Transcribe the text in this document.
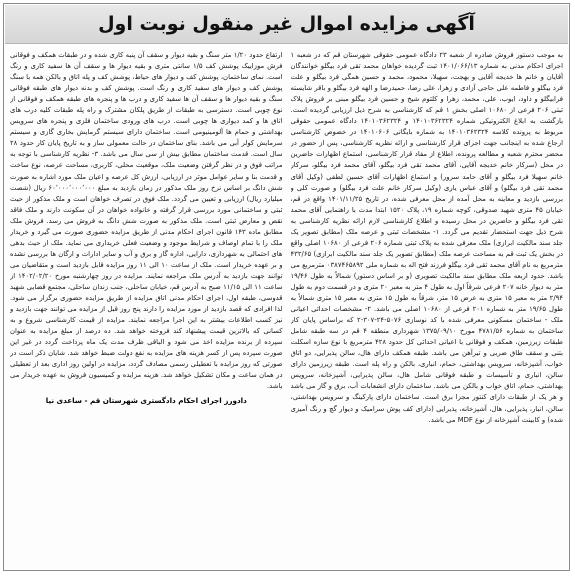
آگهی مزایده اموال غیر منقول نوبت اول

به موجب دستور فروش صادره از شعبه ۲۳ دادگاه عمومی حقوقی شهرستان قم که در شعبه ۱ اجرای احکام مدنی به شماره ۱۴۰۱/۰۶۶/۱۳ ثبت گردیده خواهان محمد تقی فرد بیگلو خوانندگان آقایان و خانم ها خدیجه آقایی و بهجت، سهیلا، محمود، محمد و حسین همگی فرد بیگلو و علت فرد بیگلو و فاطمه علی حاجی آزادی و زهرا، علی رضا، حمیدرضا و الهه فرد بیگلو و باقر شایسته فرابیگلو و داود، ایوب، علی، محمد، زهرا و کلثوم شیخ و حسین فرد بیگلو مبنی بر فروش پلاک ثبتی ۲۰۶ فرعی از ۱۰۶۸۰ اصلی بخش ۱ قم که کارشناسی به شرح ذیل ارزیابی گردیده است. بازگشت به ابلاغ الکترونیکی شماره ۱۴۰۱۰۳۶۲۳۲۴ و ۱۴۰۱۰۳۶۲۳۲۴ دادگاه عمومی حقوقی مربوط به پرونده کلاسه ۱۴۰۱۰۳۶۲۳۲۴ به شماره بایگانی ۱۴۰۱۰۶۰۶ در خصوص کارشناسی ارجاع شده به اینجانب جهت اجرای قرار کارشناسی و ارائه نظریه کارشناسی، پس از حضور در محضر محترم شعبه و مطالعه پرونده، اطلاع از مفاد قرار کارشناسی، استماع اظهارات حاضرین در محل (سرکار خانم خدیجه آقایی، آقای محمد تقی فرد بیگلو، آقای محمد فرد بیگلو، سرکار خانم سهیلا فرد بیگلو و آقای حامد سرور) و استماع اظهارات آقای حسین لطفی (وکیل آقای محمد تقی فرد بیگلو) و آقای عباس یاری (وکیل سرکار خانم علت فرد بیگلو) و صورت کلی و بررسی بازدید و معاینه به محل آمده از محل معرفی شده، در تاریخ ۱۴۰۱/۱۱/۲۵ واقع در قم، خیابان ۴۵ متری شهید صدوقی، کوچه شماره ۱۹، پلاک ۱۵۲۰ ابتدا مدت با راهنمایی آقای محمد تقی فرد بیگلو و حاضرین در محل رسیده و اطلاع کارشناسی لازم ارائه نظریه کارشناسی به شرح ذیل جهت استحضار تقدیم می گردد. ۱- مشخصات ثبتی و عرصه ملک (مطابق تصویر یک جلد سند مالکیت ابرازی) ملک معرفی شده به پلاک ثبتی شماره ۲۰۶ فرعی از ۱۰۶۸۰ اصلی واقع در بخش یک ثبت قم به مساحت عرصه ملک (مطابق تصویر یک جلد سند مالکیت ابرازی) ۴۳۲/۶۵ مترمربع به نام آقای محمد تقی فرد بیگلو فرزند فتح اله به شماره ملی ۰۳۸۷۴۶۵۸۹۲ مترمربع می باشد. حدود اربعه ملک مطابق سند مالکیت تصویری (و بر اساس دستور) شمالاً به طول ۱۹/۴۶ متر به دیوار خانه ۲۰۷ فرعی شرقاً اول به طول ۴ متر به معبر ۲۰ متری و در قسمت دوم به طول ۲/۹۴ متر به معبر ۱۵ متری به عرض ۱۵ متر، شرقاً به طول ۱۵ متری به معبر ۱۵ متری شمالاً به طول ۱۹/۶۵ متر به شماره ۲۰۱ فرعی از ۱۰۶۸۰ اصلی می باشد. ۲- مشخصات احداثی اعیانی ملک - ساختمان مسکونی معرفی شده با کد نوسازی ۵۰۷۶-۲۴-۳۰۷-۲ که براساس پایان کار ساختمان به شماره ۴۷۸۱/۵۶ مورخ ۱۳۷۵/۰۹/۱۰ شهرداری منطقه ۴ قم در سه طبقه شامل طبقات زیرزمین، همکف و فوقانی با اعیانی احداثی کل حدود ۴۲۸ مترمربع با نوع سازه اسکلت بتنی و سقف طاق ضربی و تیرآهن می باشد. طبقه همکف دارای هال، سالن پذیرایی، دو اتاق خواب، آشپزخانه، سرویس بهداشتی، حمام، انباری، بالکن و راه پله است. طبقه زیرزمین دارای سالن، انباری و تأسیسات و طبقه فوقانی شامل هال، سالن پذیرایی، آشپزخانه، سرویس بهداشتی، حمام، اتاق خواب و بالکن می باشد. ساختمان دارای انشعابات آب، برق و گاز می باشد و هر یک از طبقات دارای کنتور مجزا برق است. ساختمان دارای پارکینگ و سرویس بهداشتی، سالن، انبار، پذیرایی، هال، آشپزخانه، پذیرایی (دارای کف پوش سرامیک و دیوار گچ و رنگ آمیزی شده) و کابینت آشپزخانه از نوع MDF می باشد.

ارتفاع حدود ۱/۲۰ متر سنگ و بقیه دیوار و سقف آن پنبه کاری شده و در طبقات همکف و فوقانی فرش موزاییک پوشش کف ۱/۵ سانتی متری و بقیه دیوار ها و سقف آن ها سفید کاری و رنگ است. نمای ساختمان، پوشش کف و دیوار های حیاط، پوشش کف و پله اتاق و بالکن همه با سنگ پوشش کف و دیوار های سفید کاری و رنگ است. پوشش کف و بدنه دیوار های طبقه فوقانی سنگ و بقیه دیوار ها و سقف آن ها سفید کاری و درب ها و پنجره های طبقه همکف و فوقانی از نوع چوبی است. دسترسی به طبقات از طریق پلکان مشترک و راه پله طبقات کلیه درب های اتاق ها و کمد دیواری ها چوبی است. درب های ورودی ساختمان فلزی و پنجره های سرویس بهداشتی و حمام ها آلومینیومی است. ساختمان دارای سیستم گرمایش بخاری گازی و سیستم سرمایش کولر آبی می باشد. بنای ساختمان در حالت معمولی ساز و به تاریخ پایان کار حدود ۲۸ سال است. قدمت ساختمان مطابق بیش از سی سال می باشد. ۳- نظریه کارشناسی با توجه به مراتب فوق و در نظر گرفتن وضعیت ملک، موقعیت محلی، کاربری، مساحت عرصه، نوع ساخت و قدمت بنا و سایر عوامل موثر در ارزیابی، ارزش کل عرصه و اعیان ملک مورد اشاره به صورت شش دانگ بر اساس نرخ روز ملک مذکور در زمان بازدید به مبلغ ۶۰٬۰۰۰٬۰۰۰٬۰۰۰ ریال (شصت میلیارد ریال) ارزیابی و تعیین می گردد. ملک فوق در تصرف خواهان است و ملک مذکور از حیث ثبتی و ساختمانی مورد بررسی قرار گرفته و خانواده خواهان در آن سکونت دارند و ملک فاقد نقص و معارض ثبتی است. ملک مذکور به صورت شش دانگ به فروش می رسد. فروش ملک مطابق ماده ۱۴۳ قانون اجرای احکام مدنی از طریق مزایده حضوری صورت می گیرد و خریدار ملک را با تمام اوصاف و شرایط موجود و وضعیت فعلی خریداری می نماید. ملک از حیث بدهی های احتمالی به شهرداری، دارایی، اداره گاز و برق و آب و سایر ادارات و ارگان ها بررسی نشده و بر عهده خریدار است. ملک از ساعت ۱۰ الی ۱۱ روز مزایده قابل بازدید است و متقاضیان می توانند جهت بازدید به آدرس ملک مراجعه نمایند. مزایده در روز چهارشنبه مورخ ۱۴۰۲/۰۲/۲۰ از ساعت ۱۱ الی ۱۱/۱۵ صبح به آدرس قم، خیابان ساحلی، جنب زندان ساحلی، مجتمع قضایی شهید قدوسی، طبقه اول، اجرای احکام مدنی اتاق مزایده از طریق مزایده حضوری برگزار می شود. لذا افرادی که قصد بازدید از مورد مزایده را دارند پنج روز قبل از مزایده می توانند جهت بازدید و نیز کسب اطلاعات بیشتر به این اجرا مراجعه نمایند. مزایده از قیمت کارشناسی شروع و به کسانی که بالاترین قیمت پیشنهاد کند فروخته خواهد شد. ده درصد از مبلغ مزایده به عنوان سپرده از برنده مزایده اخذ می شود و الباقی ظرف مدت یک ماه پرداخت گردد در غیر این صورت سپرده پس از کسر هزینه های مزایده به نفع دولت ضبط خواهد شد. شایان ذکر است در صورتی که روز مزایده با تعطیلی رسمی مصادف گردد، مزایده در اولین روز اداری بعد از تعطیلی در همان ساعت و مکان تشکیل خواهد شد. هزینه مزایده و کمیسیون فروش به عهده خریدار می باشد.

دادورز اجرای احکام دادگستری شهرستان قم - ساعدی نیا
